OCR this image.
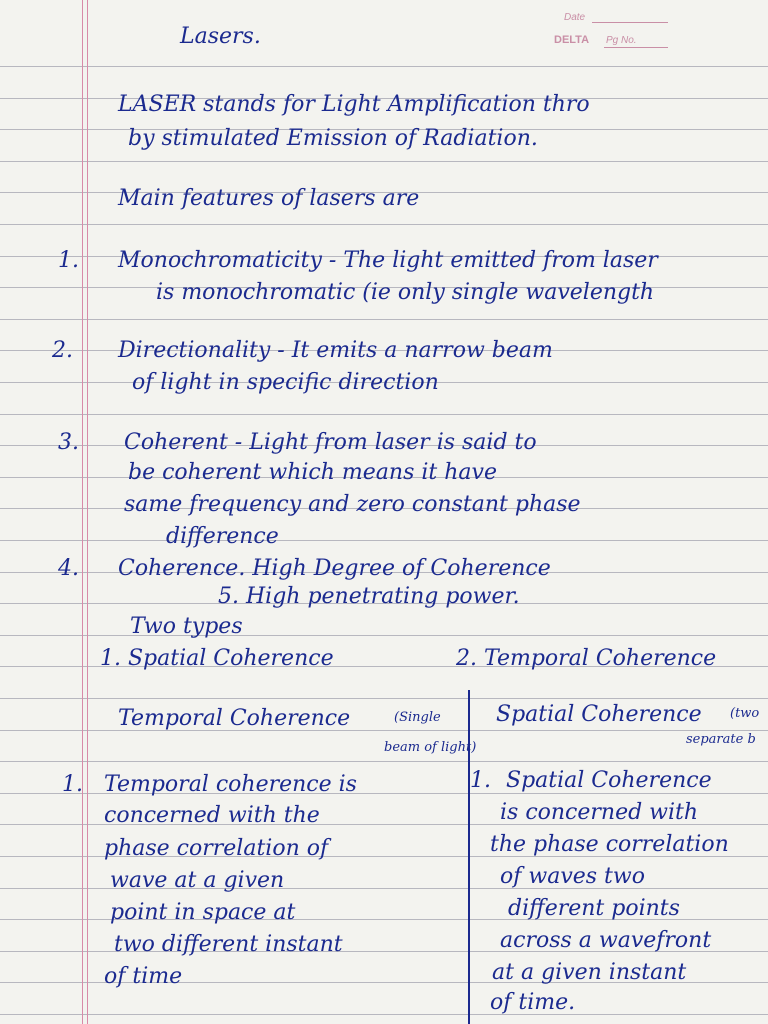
Date
DELTA Pg No.
Lasers.
LASER stands for Light Amplification thro
by stimulated Emission of Radiation.
Main features of lasers are
1. Monochromaticity - The light emitted from laser
is monochromatic (ie only single wavelength
2. Directionality - It emits a narrow beam
of light in specific direction
3. Coherent - Light from laser is said to
be coherent which means it have
same frequency and zero constant phase
difference
4. Coherence. High Degree of Coherence
5. High penetrating power.
Two types
1. Spatial Coherence	2. Temporal Coherence
Temporal Coherence	(Single
beam of light)
Spatial Coherence (two
separate b
1. Temporal coherence is
concerned with the
phase correlation of
wave at a given
point in space at
two different instant
of time
1. Spatial Coherence
is concerned with
the phase correlation
of waves two
different points
across a wavefront
at a given instant
of time.
